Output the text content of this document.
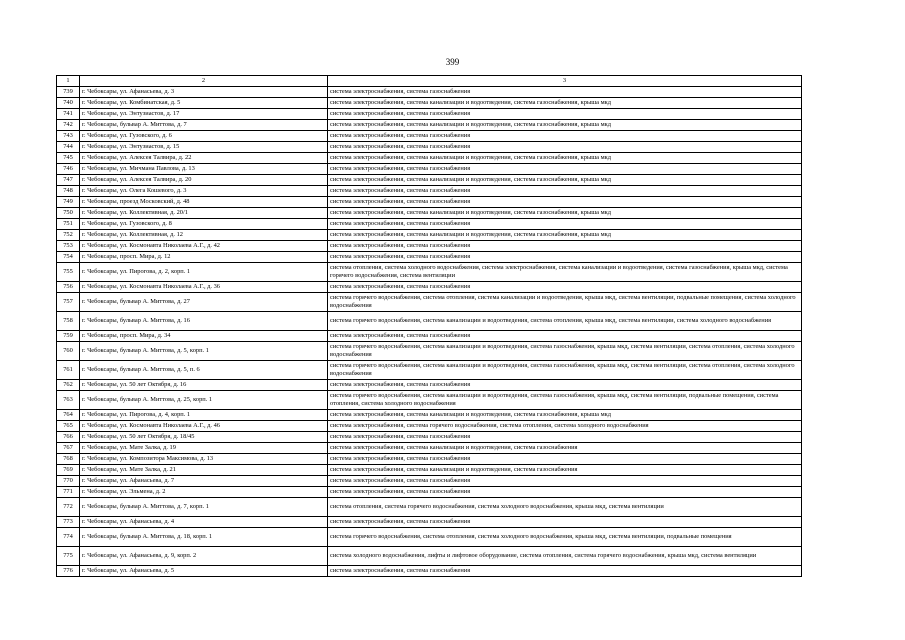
399
1	2	3
739	г. Чебоксары, ул. Афанасьева, д. 3	система электроснабжения, система газоснабжения
740	г. Чебоксары, ул. Комбинатская, д. 5	система электроснабжения, система канализации и водоотведения, система газоснабжения, крыша мкд
741	г. Чебоксары, ул. Энтузиастов, д. 17	система электроснабжения, система газоснабжения
742	г. Чебоксары, бульвар А. Миттова, д. 7	система электроснабжения, система канализации и водоотведения, система газоснабжения, крыша мкд
743	г. Чебоксары, ул. Гузовского, д. 6	система электроснабжения, система газоснабжения
744	г. Чебоксары, ул. Энтузиастов, д. 15	система электроснабжения, система газоснабжения
745	г. Чебоксары, ул. Алексея Талвира, д. 22	система электроснабжения, система канализации и водоотведения, система газоснабжения, крыша мкд
746	г. Чебоксары, ул. Мичмана Павлова, д. 13	система электроснабжения, система газоснабжения
747	г. Чебоксары, ул. Алексея Талвира, д. 20	система электроснабжения, система канализации и водоотведения, система газоснабжения, крыша мкд
748	г. Чебоксары, ул. Олега Кошевого, д. 3	система электроснабжения, система газоснабжения
749	г. Чебоксары, проезд Московский, д. 48	система электроснабжения, система газоснабжения
750	г. Чебоксары, ул. Коллективная, д. 20/1	система электроснабжения, система канализации и водоотведения, система газоснабжения, крыша мкд
751	г. Чебоксары, ул. Гузовского, д. 8	система электроснабжения, система газоснабжения
752	г. Чебоксары, ул. Коллективная, д. 12	система электроснабжения, система канализации и водоотведения, система газоснабжения, крыша мкд
753	г. Чебоксары, ул. Космонавта Николаева А.Г., д. 42	система электроснабжения, система газоснабжения
754	г. Чебоксары, просп. Мира, д. 12	система электроснабжения, система газоснабжения
755	г. Чебоксары, ул. Пирогова, д. 2, корп. 1	система отопления, система холодного водоснабжения, система электроснабжения, система канализации и водоотведения, система газоснабжения, крыша мкд, система горячего водоснабжения, система вентиляции
756	г. Чебоксары, ул. Космонавта Николаева А.Г., д. 36	система электроснабжения, система газоснабжения
757	г. Чебоксары, бульвар А. Миттова, д. 27	система горячего водоснабжения, система отопления, система канализации и водоотведения, крыша мкд, система вентиляции, подвальные помещения, система холодного водоснабжения
758	г. Чебоксары, бульвар А. Миттова, д. 16	система горячего водоснабжения, система канализации и водоотведения, система отопления, крыша мкд, система вентиляции, система холодного водоснабжения
759	г. Чебоксары, просп. Мира, д. 34	система электроснабжения, система газоснабжения
760	г. Чебоксары, бульвар А. Миттова, д. 5, корп. 1	система горячего водоснабжения, система канализации и водоотведения, система газоснабжения, крыша мкд, система вентиляции, система отопления, система холодного водоснабжения
761	г. Чебоксары, бульвар А. Миттова, д. 5, п. 6	система горячего водоснабжения, система канализации и водоотведения, система газоснабжения, крыша мкд, система вентиляции, система отопления, система холодного водоснабжения
762	г. Чебоксары, ул. 50 лет Октября, д. 16	система электроснабжения, система газоснабжения
763	г. Чебоксары, бульвар А. Миттова, д. 25, корп. 1	система горячего водоснабжения, система канализации и водоотведения, система газоснабжения, крыша мкд, система вентиляции, подвальные помещения, система отопления, система холодного водоснабжения
764	г. Чебоксары, ул. Пирогова, д. 4, корп. 1	система электроснабжения, система канализации и водоотведения, система газоснабжения, крыша мкд
765	г. Чебоксары, ул. Космонавта Николаева А.Г., д. 46	система электроснабжения, система горячего водоснабжения, система отопления, система холодного водоснабжения
766	г. Чебоксары, ул. 50 лет Октября, д. 18/45	система электроснабжения, система газоснабжения
767	г. Чебоксары, ул. Мате Залка, д. 19	система электроснабжения, система канализации и водоотведения, система газоснабжения
768	г. Чебоксары, ул. Композитора Максимова, д. 13	система электроснабжения, система газоснабжения
769	г. Чебоксары, ул. Мате Залка, д. 21	система электроснабжения, система канализации и водоотведения, система газоснабжения
770	г. Чебоксары, ул. Афанасьева, д. 7	система электроснабжения, система газоснабжения
771	г. Чебоксары, ул. Эльмена, д. 2	система электроснабжения, система газоснабжения
772	г. Чебоксары, бульвар А. Миттова, д. 7, корп. 1	система отопления, система горячего водоснабжения, система холодного водоснабжения, крыша мкд, система вентиляции
773	г. Чебоксары, ул. Афанасьева, д. 4	система электроснабжения, система газоснабжения
774	г. Чебоксары, бульвар А. Миттова, д. 18, корп. 1	система горячего водоснабжения, система отопления, система холодного водоснабжения, крыша мкд, система вентиляции, подвальные помещения
775	г. Чебоксары, ул. Афанасьева, д. 9, корп. 2	система холодного водоснабжения, лифты и лифтовое оборудование, система отопления, система горячего водоснабжения, крыша мкд, система вентиляции
776	г. Чебоксары, ул. Афанасьева, д. 5	система электроснабжения, система газоснабжения
